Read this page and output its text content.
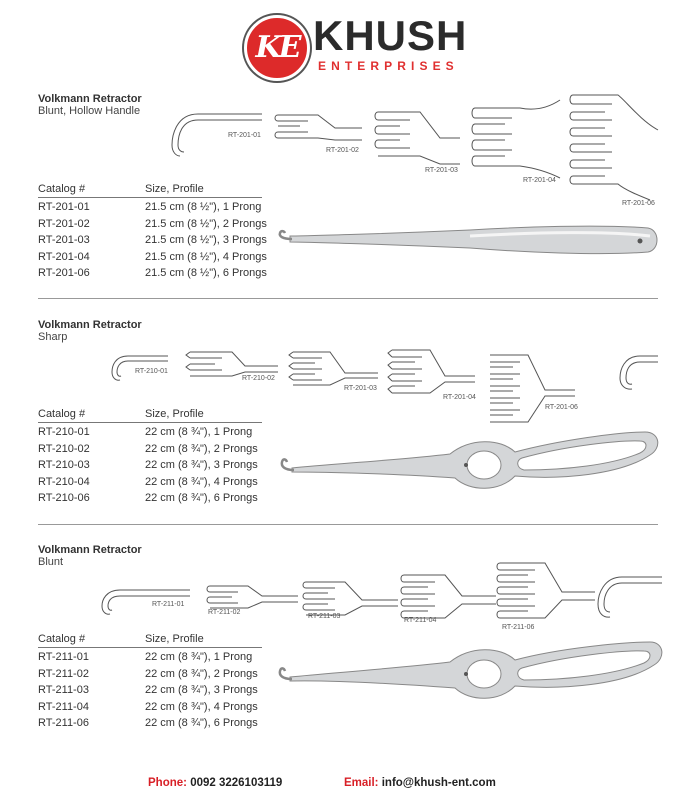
KE KHUSH
ENTERPRISES
Volkmann Retractor
Blunt, Hollow Handle
RT-201-01
RT-201-02
RT-201-03
RT-201-04
RT-201-06
Catalog #	Size, Profile
RT-201-01	21.5 cm (8 ½"), 1 Prong
RT-201-02	21.5 cm (8 ½"), 2 Prongs
RT-201-03	21.5 cm (8 ½"), 3 Prongs
RT-201-04	21.5 cm (8 ½"), 4 Prongs
RT-201-06	21.5 cm (8 ½"), 6 Prongs
Volkmann Retractor
Sharp
RT-210-01
RT-210-02
RT-201-03
RT-201-04
RT-201-06
Catalog #	Size, Profile
RT-210-01	22 cm (8 ¾"), 1 Prong
RT-210-02	22 cm (8 ¾"), 2 Prongs
RT-210-03	22 cm (8 ¾"), 3 Prongs
RT-210-04	22 cm (8 ¾"), 4 Prongs
RT-210-06	22 cm (8 ¾"), 6 Prongs
Volkmann Retractor
Blunt
RT-211-01
RT-211-02
RT-211-03
RT-211-04
RT-211-06
Catalog #	Size, Profile
RT-211-01	22 cm (8 ¾"), 1 Prong
RT-211-02	22 cm (8 ¾"), 2 Prongs
RT-211-03	22 cm (8 ¾"), 3 Prongs
RT-211-04	22 cm (8 ¾"), 4 Prongs
RT-211-06	22 cm (8 ¾"), 6 Prongs
Phone: 0092 3226103119	Email: info@khush-ent.com
